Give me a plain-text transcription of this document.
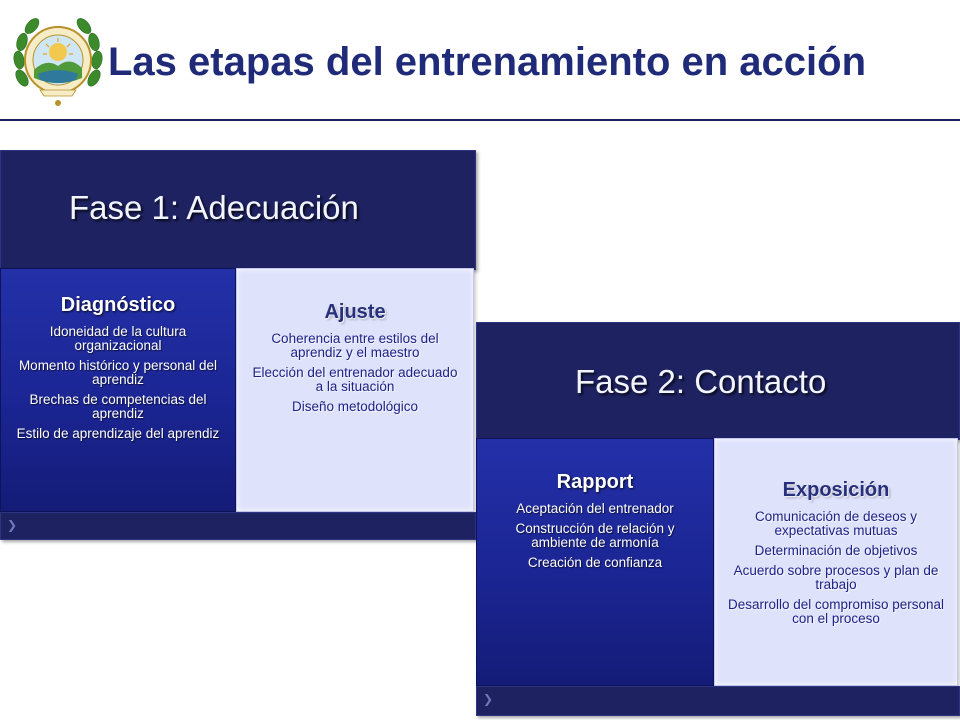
Las etapas del entrenamiento en acción
Fase 1: Adecuación
Diagnóstico
Idoneidad de la cultura organizacional
Momento histórico y personal del aprendiz
Brechas de competencias del aprendiz
Estilo de aprendizaje del aprendiz
Ajuste
Coherencia entre estilos del aprendiz y el maestro
Elección del entrenador adecuado a la situación
Diseño metodológico
❯
Fase 2: Contacto
Rapport
Aceptación del entrenador
Construcción de relación y ambiente de armonía
Creación de confianza
Exposición
Comunicación de deseos y expectativas mutuas
Determinación de objetivos
Acuerdo sobre procesos y plan de trabajo
Desarrollo del compromiso personal con el proceso
❯
